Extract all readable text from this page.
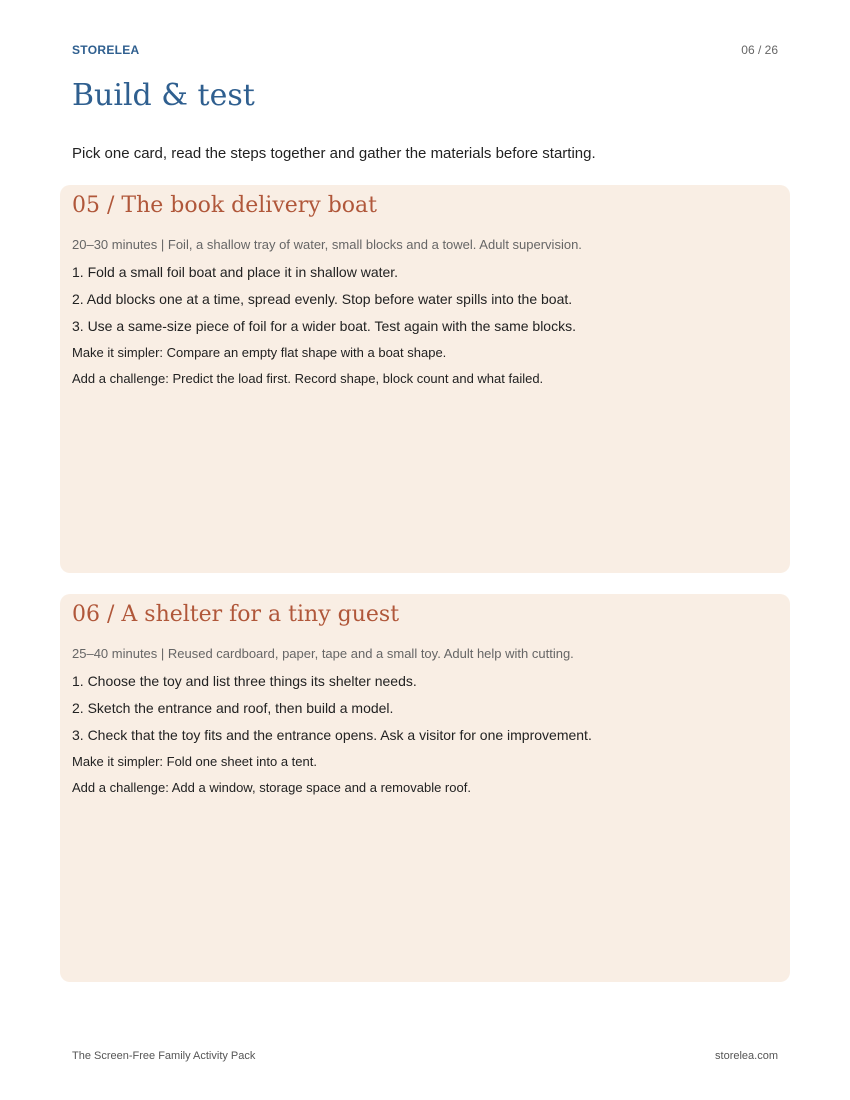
STORELEA	06 / 26
Build & test
Pick one card, read the steps together and gather the materials before starting.
05 / The book delivery boat
20–30 minutes | Foil, a shallow tray of water, small blocks and a towel. Adult supervision.
1. Fold a small foil boat and place it in shallow water.
2. Add blocks one at a time, spread evenly. Stop before water spills into the boat.
3. Use a same-size piece of foil for a wider boat. Test again with the same blocks.
Make it simpler: Compare an empty flat shape with a boat shape.
Add a challenge: Predict the load first. Record shape, block count and what failed.
06 / A shelter for a tiny guest
25–40 minutes | Reused cardboard, paper, tape and a small toy. Adult help with cutting.
1. Choose the toy and list three things its shelter needs.
2. Sketch the entrance and roof, then build a model.
3. Check that the toy fits and the entrance opens. Ask a visitor for one improvement.
Make it simpler: Fold one sheet into a tent.
Add a challenge: Add a window, storage space and a removable roof.
The Screen-Free Family Activity Pack	storelea.com
